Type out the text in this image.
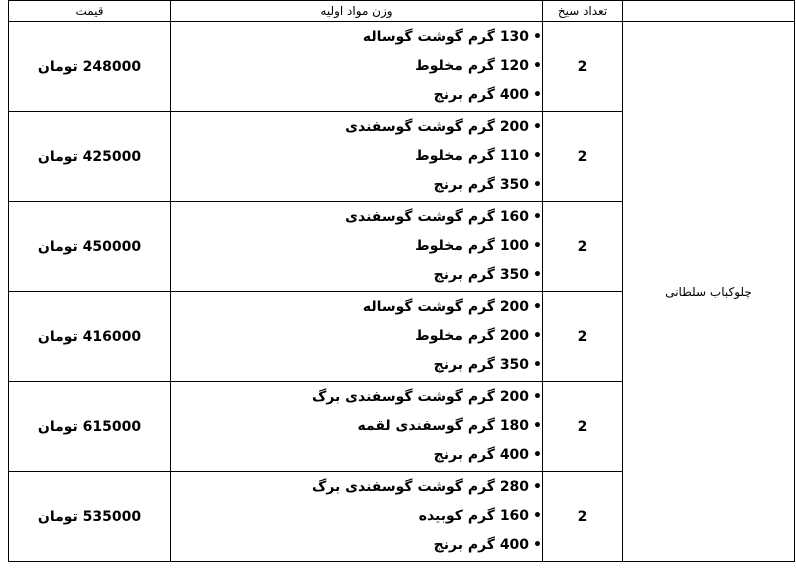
	تعداد سیخ	وزن مواد اولیه	قیمت
چلوکباب سلطانی	2	•130 گرم گوشت گوساله
•120 گرم مخلوط
•400 گرم برنج	248000 تومان
	2	•200 گرم گوشت گوسفندی
•110 گرم مخلوط
•350 گرم برنج	425000 تومان
	2	•160 گرم گوشت گوسفندی
•100 گرم مخلوط
•350 گرم برنج	450000 تومان
	2	•200 گرم گوشت گوساله
•200 گرم مخلوط
•350 گرم برنج	416000 تومان
	2	•200 گرم گوشت گوسفندی برگ
•180 گرم گوسفندی لقمه
•400 گرم برنج	615000 تومان
	2	•280 گرم گوشت گوسفندی برگ
•160 گرم کوبیده
•400 گرم برنج	535000 تومان
